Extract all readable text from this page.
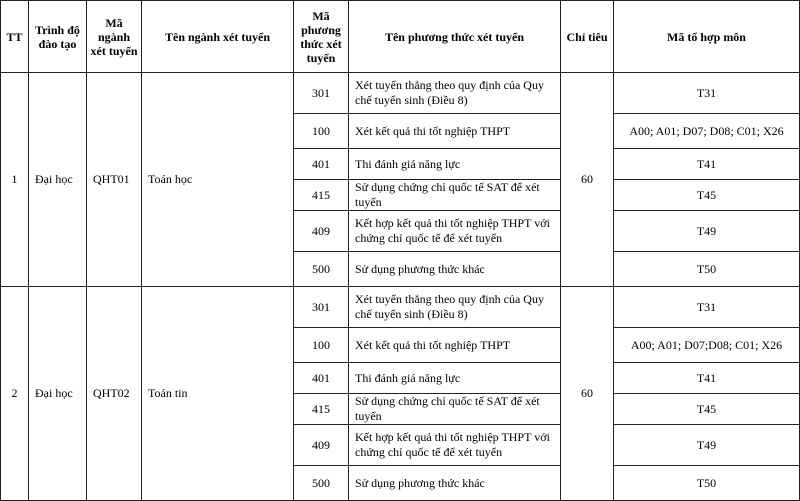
TT	Trình độ đào tạo	Mã ngành xét tuyển	Tên ngành xét tuyển	Mã phương thức xét tuyển	Tên phương thức xét tuyển	Chỉ tiêu	Mã tổ hợp môn
1	Đại học	QHT01	Toán học	301	Xét tuyển thẳng theo quy định của Quy chế tuyển sinh (Điều 8)	60	T31
				100	Xét kết quả thi tốt nghiệp THPT		A00; A01; D07; D08; C01; X26
				401	Thi đánh giá năng lực		T41
				415	Sử dụng chứng chỉ quốc tế SAT để xét tuyển		T45
				409	Kết hợp kết quả thi tốt nghiệp THPT với chứng chỉ quốc tế để xét tuyển		T49
				500	Sử dụng phương thức khác		T50
2	Đại học	QHT02	Toán tin	301	Xét tuyển thẳng theo quy định của Quy chế tuyển sinh (Điều 8)	60	T31
				100	Xét kết quả thi tốt nghiệp THPT		A00; A01; D07;D08; C01; X26
				401	Thi đánh giá năng lực		T41
				415	Sử dụng chứng chỉ quốc tế SAT để xét tuyển		T45
				409	Kết hợp kết quả thi tốt nghiệp THPT với chứng chỉ quốc tế để xét tuyển		T49
				500	Sử dụng phương thức khác		T50
